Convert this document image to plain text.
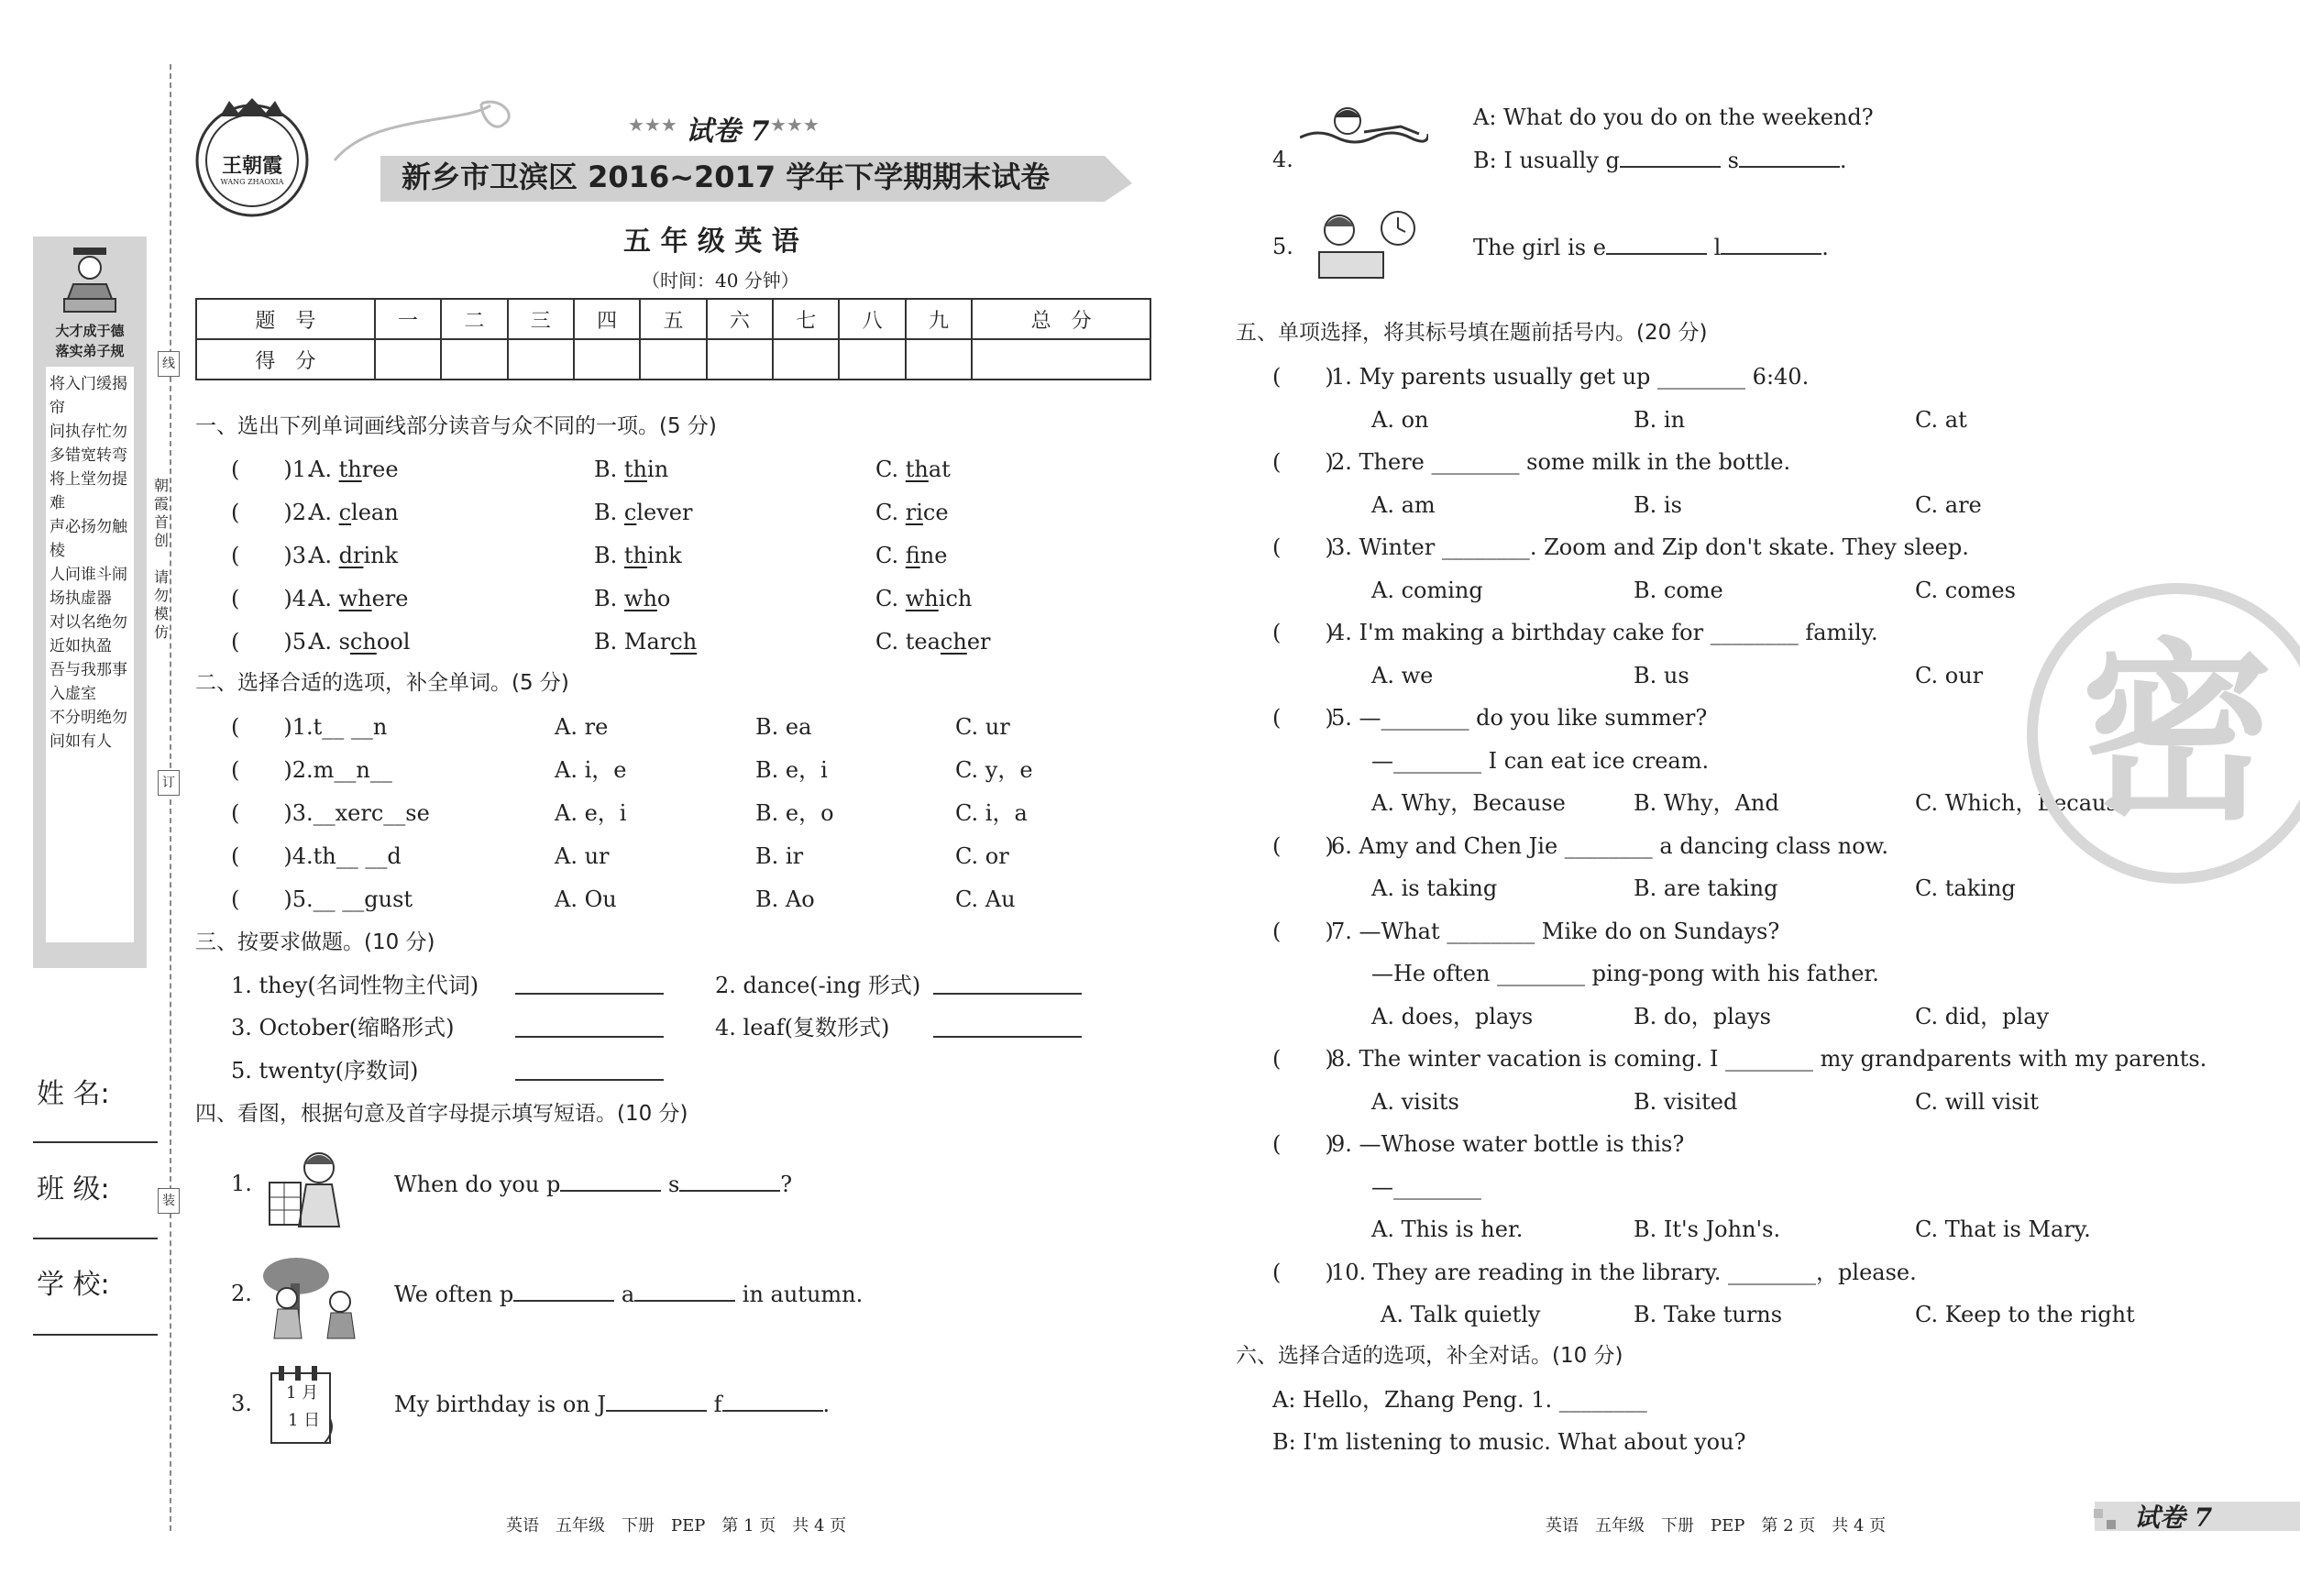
朝霞首创
请勿模仿
线
订
装
大才成于德
落实弟子规
将入门缓揭帘
问执存忙勿多错宽转弯
将上堂勿提难
声必扬勿触棱
人问谁斗闹场执虚器
对以名绝勿近如执盈
吾与我那事入虚室
不分明绝勿问如有人
姓 名:
班 级:
学 校:
王朝霞
WANG ZHAOXIA
★★★ 试卷 7 ★★★
新乡市卫滨区 2016~2017 学年下学期期末试卷
五 年 级 英 语
（时间：40 分钟）
题　号	一	二	三	四	五	六	七	八	九	总　分
得　分										
一、选出下列单词画线部分读音与众不同的一项。(5 分)
(　　)1.
A. three	B. thin	C. that
(　　)2.
A. clean	B. clever	C. rice
(　　)3.
A. drink	B. think	C. fine
(　　)4.
A. where	B. who	C. which
(　　)5.
A. school	B. March	C. teacher
二、选择合适的选项，补全单词。(5 分)
(　　)1.t__ __n	A. re	B. ea	C. ur
(　　)2.m__n__	A. i，e	B. e，i	C. y，e
(　　)3.__xerc__se	A. e，i	B. e，o	C. i，a
(　　)4.th__ __d	A. ur	B. ir	C. or
(　　)5.__ __gust	A. Ou	B. Ao	C. Au
三、按要求做题。(10 分)
1. they(名词性物主代词)	2. dance(-ing 形式)
3. October(缩略形式)	4. leaf(复数形式)
5. twenty(序数词)
四、看图，根据句意及首字母提示填写短语。(10 分)
1 月
1 日
1.	When do you p	s	?
2.	We often p	a	in autumn.
3.	My birthday is on J	f	.
4.
A: What do you do on the weekend?
B: I usually g	s	.
5.	The girl is e	l	.
五、单项选择，将其标号填在题前括号内。(20 分)
(　　)
1. My parents usually get up ________ 6:40.
A. on	B. in	C. at
(　　)
2. There ________ some milk in the bottle.
A. am	B. is	C. are
(　　)
3. Winter ________. Zoom and Zip don't skate. They sleep.
A. coming	B. come	C. comes
(　　)
4. I'm making a birthday cake for ________ family.
A. we	B. us	C. our
(　　)
5. —________ do you like summer?
—________ I can eat ice cream.
A. Why，Because	B. Why，And	C. Which，Because
(　　)
6. Amy and Chen Jie ________ a dancing class now.
A. is taking	B. are taking	C. taking
(　　)
7. —What ________ Mike do on Sundays?
—He often ________ ping-pong with his father.
A. does，plays	B. do，plays	C. did，play
(　　)
8. The winter vacation is coming. I ________ my grandparents with my parents.
A. visits	B. visited	C. will visit
(　　)
9. —Whose water bottle is this?
—________
A. This is her.	B. It's John's.	C. That is Mary.
(　　)
10. They are reading in the library. ________，please.
A. Talk quietly	B. Take turns	C. Keep to the right
六、选择合适的选项，补全对话。(10 分)
A: Hello，Zhang Peng. 1. ________
B: I'm listening to music. What about you?
密
英语　五年级　下册　PEP　第 1 页　共 4 页	英语　五年级　下册　PEP　第 2 页　共 4 页	试卷 7
